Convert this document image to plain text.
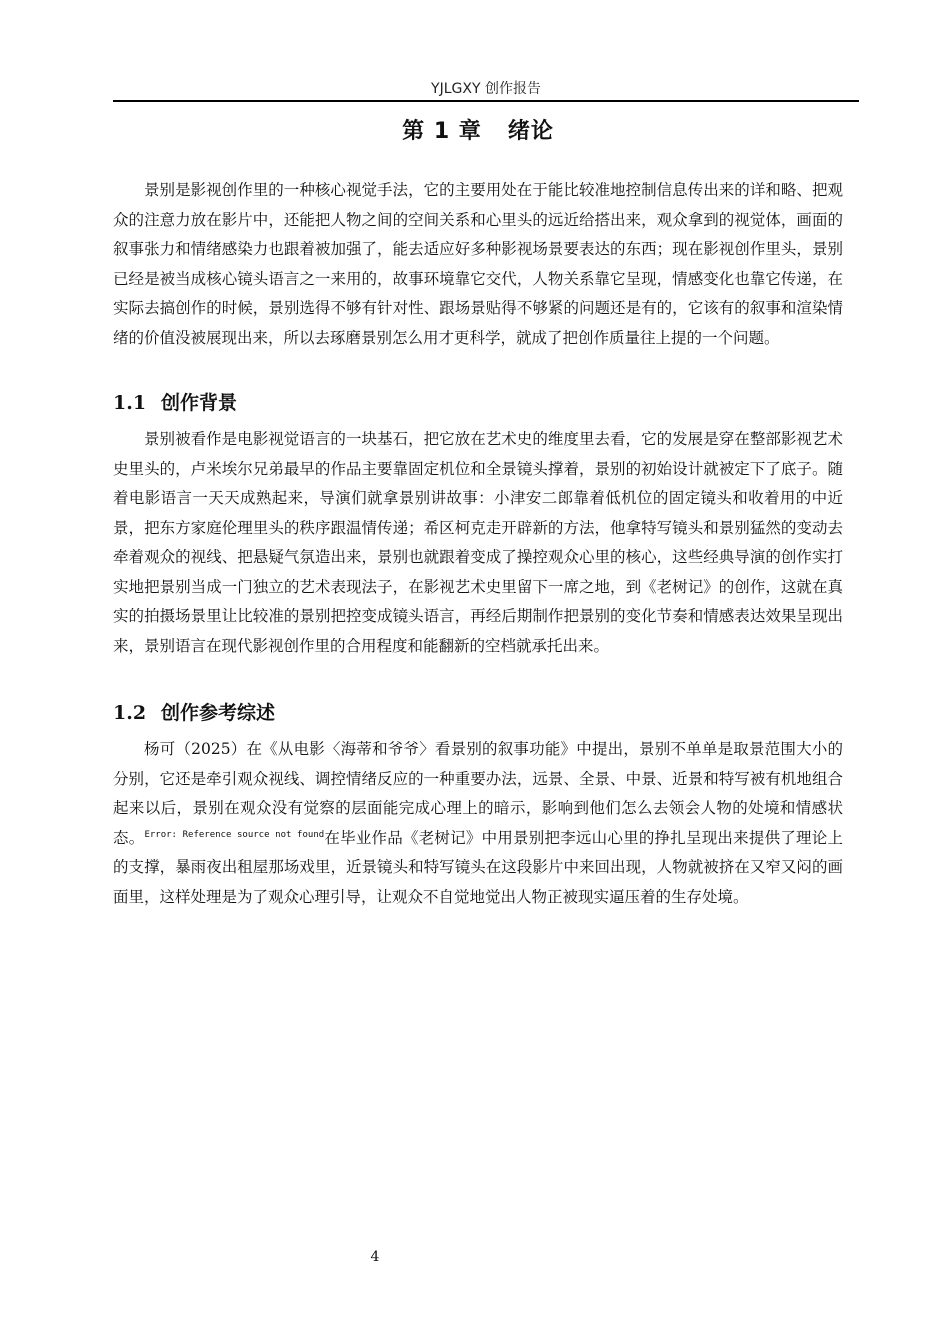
YJLGXY 创作报告
第 1 章 绪论

景别是影视创作里的一种核心视觉手法，它的主要用处在于能比较准地控制信息传出来的详和略、把观众的注意力放在影片中，还能把人物之间的空间关系和心里头的远近给搭出来，观众拿到的视觉体，画面的叙事张力和情绪感染力也跟着被加强了，能去适应好多种影视场景要表达的东西；现在影视创作里头，景别已经是被当成核心镜头语言之一来用的，故事环境靠它交代，人物关系靠它呈现，情感变化也靠它传递，在实际去搞创作的时候，景别选得不够有针对性、跟场景贴得不够紧的问题还是有的，它该有的叙事和渲染情绪的价值没被展现出来，所以去琢磨景别怎么用才更科学，就成了把创作质量往上提的一个问题。

1.1 创作背景

景别被看作是电影视觉语言的一块基石，把它放在艺术史的维度里去看，它的发展是穿在整部影视艺术史里头的，卢米埃尔兄弟最早的作品主要靠固定机位和全景镜头撑着，景别的初始设计就被定下了底子。随着电影语言一天天成熟起来，导演们就拿景别讲故事：小津安二郎靠着低机位的固定镜头和收着用的中近景，把东方家庭伦理里头的秩序跟温情传递；希区柯克走开辟新的方法，他拿特写镜头和景别猛然的变动去牵着观众的视线、把悬疑气氛造出来，景别也就跟着变成了操控观众心里的核心，这些经典导演的创作实打实地把景别当成一门独立的艺术表现法子，在影视艺术史里留下一席之地，到《老树记》的创作，这就在真实的拍摄场景里让比较准的景别把控变成镜头语言，再经后期制作把景别的变化节奏和情感表达效果呈现出来，景别语言在现代影视创作里的合用程度和能翻新的空档就承托出来。

1.2 创作参考综述

杨可（2025）在《从电影〈海蒂和爷爷〉看景别的叙事功能》中提出，景别不单单是取景范围大小的分别，它还是牵引观众视线、调控情绪反应的一种重要办法，远景、全景、中景、近景和特写被有机地组合起来以后，景别在观众没有觉察的层面能完成心理上的暗示，影响到他们怎么去领会人物的处境和情感状态。$^{Error: Reference source not found}$在毕业作品《老树记》中用景别把李远山心里的挣扎呈现出来提供了理论上的支撑，暴雨夜出租屋那场戏里，近景镜头和特写镜头在这段影片中来回出现，人物就被挤在又窄又闷的画面里，这样处理是为了观众心理引导，让观众不自觉地觉出人物正被现实逼压着的生存处境。

4
